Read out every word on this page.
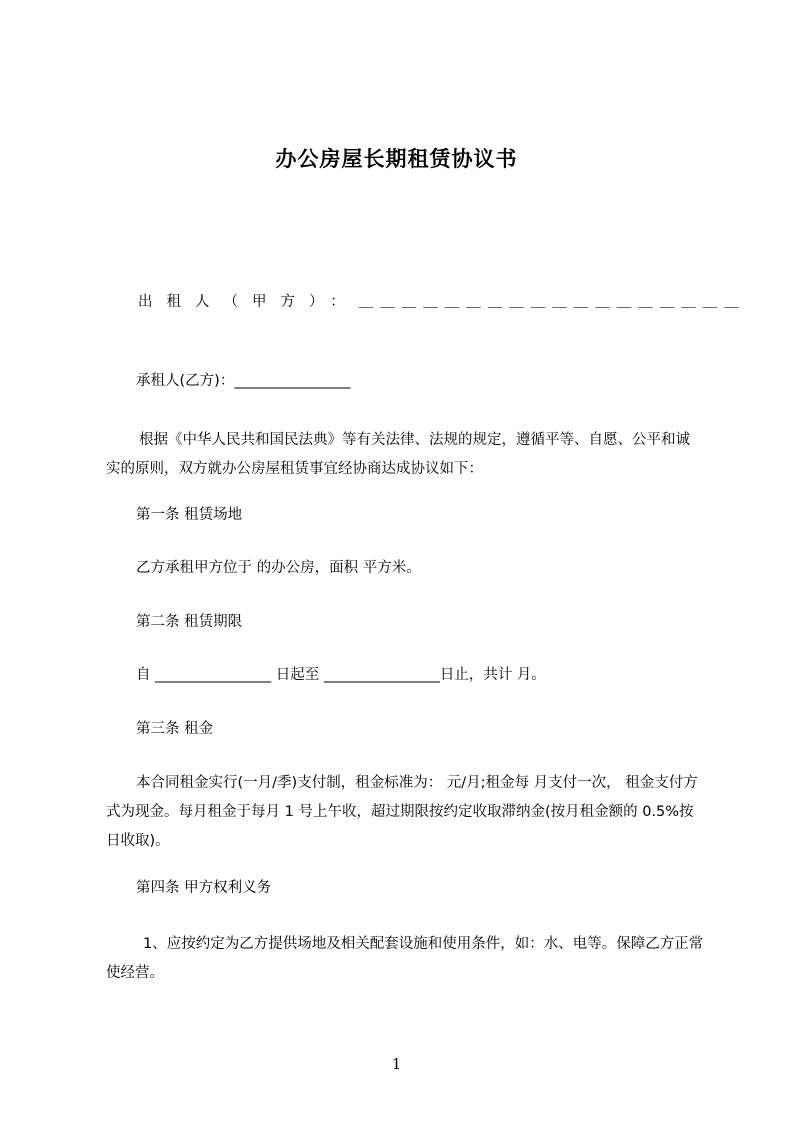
办公房屋长期租赁协议书
出租人（甲方）：＿＿＿＿＿＿＿＿＿＿＿＿＿＿＿＿＿＿
承租人(乙方)：________________
根据《中华人民共和国民法典》等有关法律、法规的规定，遵循平等、自愿、公平和诚实的原则，双方就办公房屋租赁事宜经协商达成协议如下：
第一条 租赁场地
乙方承租甲方位于 的办公房，面积 平方米。
第二条 租赁期限
自 ________________ 日起至 ________________日止，共计 月。
第三条 租金
本合同租金实行(一月/季)支付制，租金标准为： 元/月;租金每 月支付一次， 租金支付方式为现金。每月租金于每月 1 号上午收，超过期限按约定收取滞纳金(按月租金额的 0.5%按日收取)。
第四条 甲方权利义务
1、应按约定为乙方提供场地及相关配套设施和使用条件，如：水、电等。保障乙方正常使经营。
1
